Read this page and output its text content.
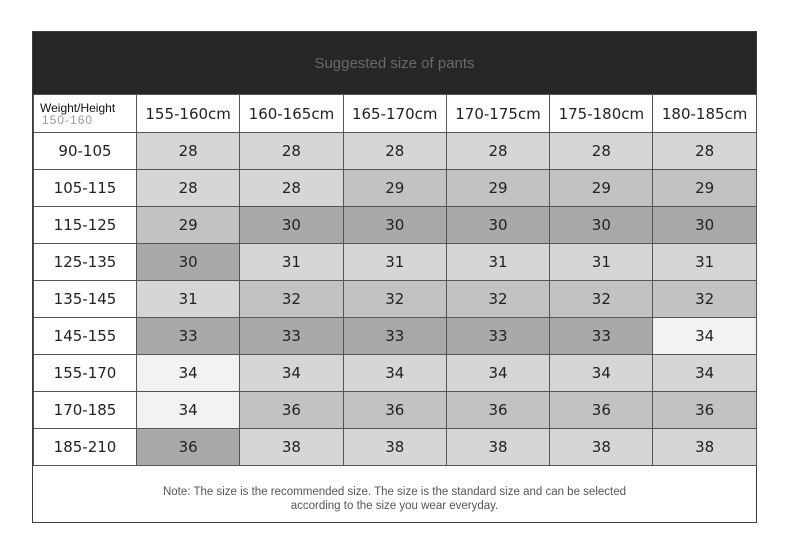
Suggested size of pants
150-160
Weight/Height	155-160cm	160-165cm	165-170cm	170-175cm	175-180cm	180-185cm
90-105	28	28	28	28	28	28
105-115	28	28	29	29	29	29
115-125	29	30	30	30	30	30
125-135	30	31	31	31	31	31
135-145	31	32	32	32	32	32
145-155	33	33	33	33	33	34
155-170	34	34	34	34	34	34
170-185	34	36	36	36	36	36
185-210	36	38	38	38	38	38
Note: The size is the recommended size. The size is the standard size and can be selected according to the size you wear everyday.
